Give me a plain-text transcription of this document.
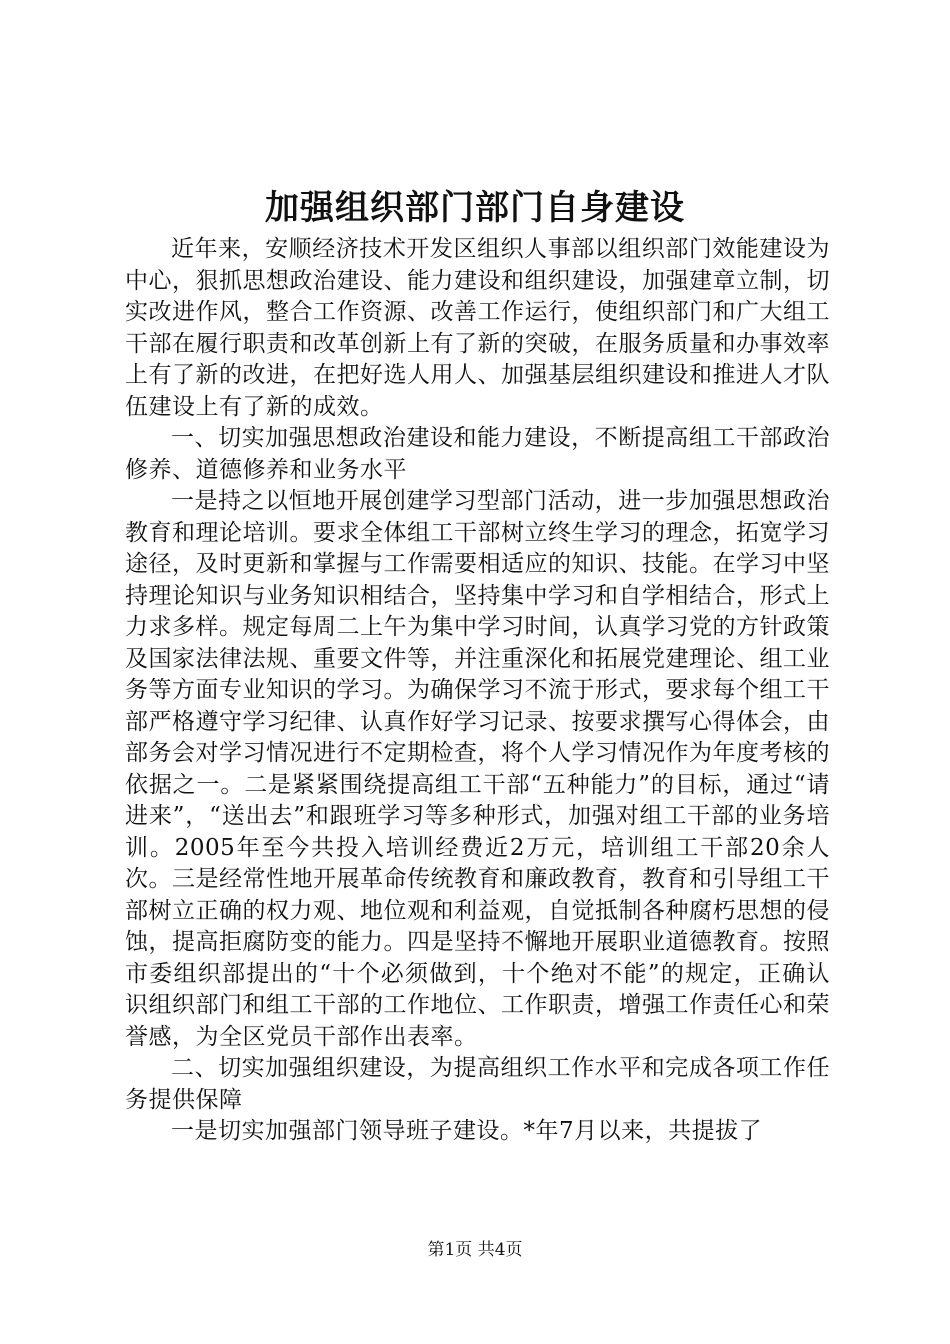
加强组织部门部门自身建设

近年来，安顺经济技术开发区组织人事部以组织部门效能建设为中心，狠抓思想政治建设、能力建设和组织建设，加强建章立制，切实改进作风，整合工作资源、改善工作运行，使组织部门和广大组工干部在履行职责和改革创新上有了新的突破，在服务质量和办事效率上有了新的改进，在把好选人用人、加强基层组织建设和推进人才队伍建设上有了新的成效。

一、切实加强思想政治建设和能力建设，不断提高组工干部政治修养、道德修养和业务水平

一是持之以恒地开展创建学习型部门活动，进一步加强思想政治教育和理论培训。要求全体组工干部树立终生学习的理念，拓宽学习途径，及时更新和掌握与工作需要相适应的知识、技能。在学习中坚持理论知识与业务知识相结合，坚持集中学习和自学相结合，形式上力求多样。规定每周二上午为集中学习时间，认真学习党的方针政策及国家法律法规、重要文件等，并注重深化和拓展党建理论、组工业务等方面专业知识的学习。为确保学习不流于形式，要求每个组工干部严格遵守学习纪律、认真作好学习记录、按要求撰写心得体会，由部务会对学习情况进行不定期检查，将个人学习情况作为年度考核的依据之一。二是紧紧围绕提高组工干部“五种能力”的目标，通过“请进来”，“送出去”和跟班学习等多种形式，加强对组工干部的业务培训。2005年至今共投入培训经费近2万元，培训组工干部20余人次。三是经常性地开展革命传统教育和廉政教育，教育和引导组工干部树立正确的权力观、地位观和利益观，自觉抵制各种腐朽思想的侵蚀，提高拒腐防变的能力。四是坚持不懈地开展职业道德教育。按照市委组织部提出的“十个必须做到，十个绝对不能”的规定，正确认识组织部门和组工干部的工作地位、工作职责，增强工作责任心和荣誉感，为全区党员干部作出表率。

二、切实加强组织建设，为提高组织工作水平和完成各项工作任务提供保障

一是切实加强部门领导班子建设。*年7月以来，共提拔了

第1页 共4页
